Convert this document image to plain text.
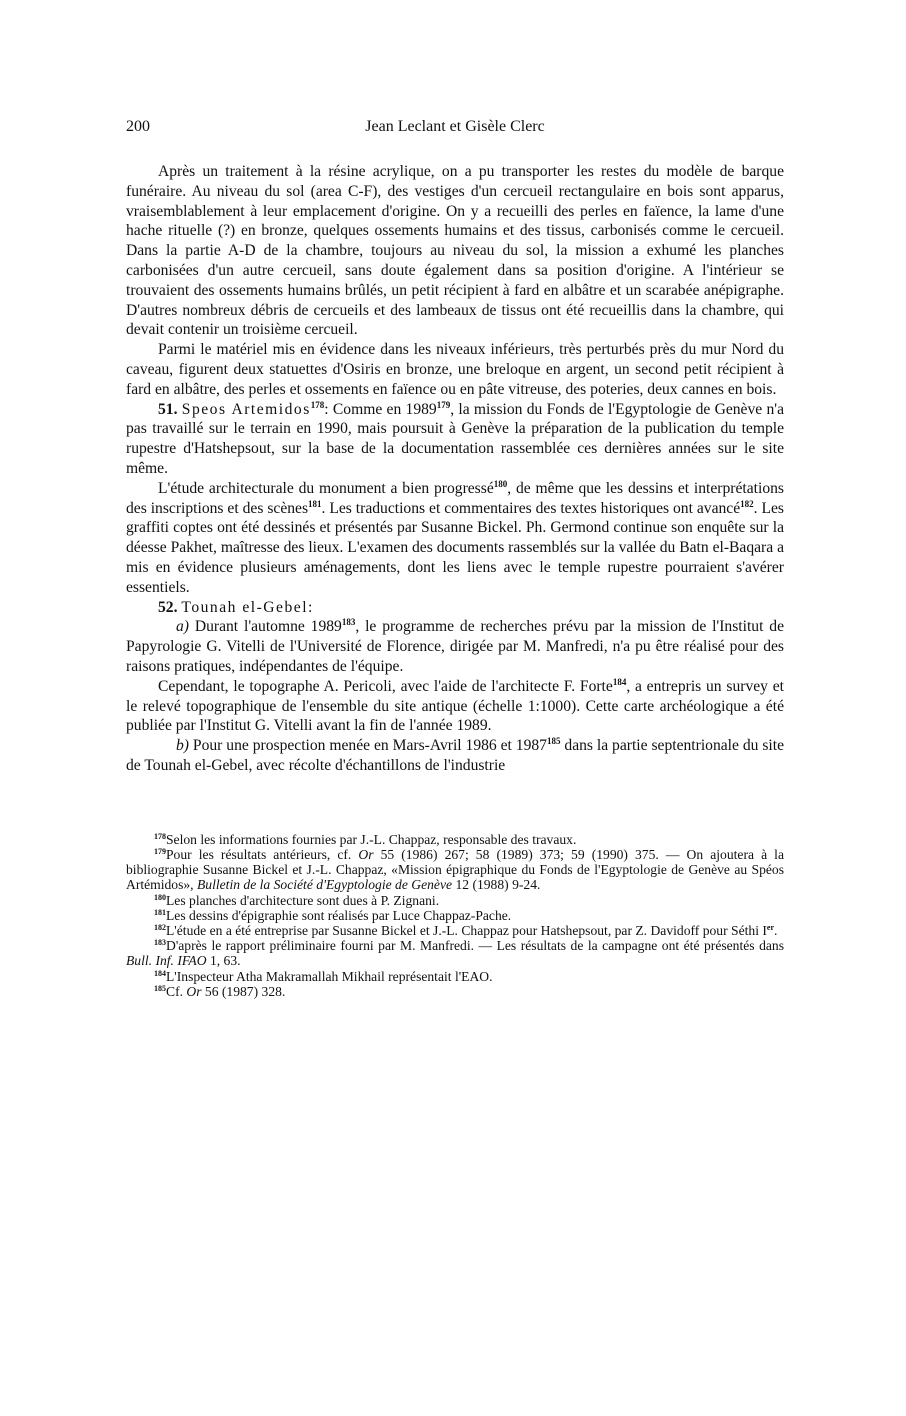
200	Jean Leclant et Gisèle Clerc

Après un traitement à la résine acrylique, on a pu transporter les restes du modèle de barque funéraire. Au niveau du sol (area C-F), des vestiges d'un cercueil rectangulaire en bois sont apparus, vraisemblablement à leur emplacement d'origine. On y a recueilli des perles en faïence, la lame d'une hache rituelle (?) en bronze, quelques ossements humains et des tissus, carbonisés comme le cercueil. Dans la partie A-D de la chambre, toujours au niveau du sol, la mission a exhumé les planches carbonisées d'un autre cercueil, sans doute également dans sa position d'origine. A l'intérieur se trouvaient des ossements humains brûlés, un petit récipient à fard en albâtre et un scarabée anépigraphe. D'autres nombreux débris de cercueils et des lambeaux de tissus ont été recueillis dans la chambre, qui devait contenir un troisième cercueil.

Parmi le matériel mis en évidence dans les niveaux inférieurs, très perturbés près du mur Nord du caveau, figurent deux statuettes d'Osiris en bronze, une breloque en argent, un second petit récipient à fard en albâtre, des perles et ossements en faïence ou en pâte vitreuse, des poteries, deux cannes en bois.

51. Speos Artemidos$^{178}$: Comme en 1989$^{179}$, la mission du Fonds de l'Egyptologie de Genève n'a pas travaillé sur le terrain en 1990, mais poursuit à Genève la préparation de la publication du temple rupestre d'Hatshepsout, sur la base de la documentation rassemblée ces dernières années sur le site même.

L'étude architecturale du monument a bien progressé$^{180}$, de même que les dessins et interprétations des inscriptions et des scènes$^{181}$. Les traductions et commentaires des textes historiques ont avancé$^{182}$. Les graffiti coptes ont été dessinés et présentés par Susanne Bickel. Ph. Germond continue son enquête sur la déesse Pakhet, maîtresse des lieux. L'examen des documents rassemblés sur la vallée du Batn el-Baqara a mis en évidence plusieurs aménagements, dont les liens avec le temple rupestre pourraient s'avérer essentiels.

52. Tounah el-Gebel:

a) Durant l'automne 1989$^{183}$, le programme de recherches prévu par la mission de l'Institut de Papyrologie G. Vitelli de l'Université de Florence, dirigée par M. Manfredi, n'a pu être réalisé pour des raisons pratiques, indépendantes de l'équipe.

Cependant, le topographe A. Pericoli, avec l'aide de l'architecte F. Forte$^{184}$, a entrepris un survey et le relevé topographique de l'ensemble du site antique (échelle 1:1000). Cette carte archéologique a été publiée par l'Institut G. Vitelli avant la fin de l'année 1989.

b) Pour une prospection menée en Mars-Avril 1986 et 1987$^{185}$ dans la partie septentrionale du site de Tounah el-Gebel, avec récolte d'échantillons de l'industrie

$^{178}$Selon les informations fournies par J.-L. Chappaz, responsable des travaux.

$^{179}$Pour les résultats antérieurs, cf. Or 55 (1986) 267; 58 (1989) 373; 59 (1990) 375. — On ajoutera à la bibliographie Susanne Bickel et J.-L. Chappaz, «Mission épigraphique du Fonds de l'Egyptologie de Genève au Spéos Artémidos», Bulletin de la Société d'Egyptologie de Genève 12 (1988) 9-24.

$^{180}$Les planches d'architecture sont dues à P. Zignani.

$^{181}$Les dessins d'épigraphie sont réalisés par Luce Chappaz-Pache.

$^{182}$L'étude en a été entreprise par Susanne Bickel et J.-L. Chappaz pour Hatshepsout, par Z. Davidoff pour Séthi Ier.

$^{183}$D'après le rapport préliminaire fourni par M. Manfredi. — Les résultats de la campagne ont été présentés dans Bull. Inf. IFAO 1, 63.

$^{184}$L'Inspecteur Atha Makramallah Mikhail représentait l'EAO.

$^{185}$Cf. Or 56 (1987) 328.
